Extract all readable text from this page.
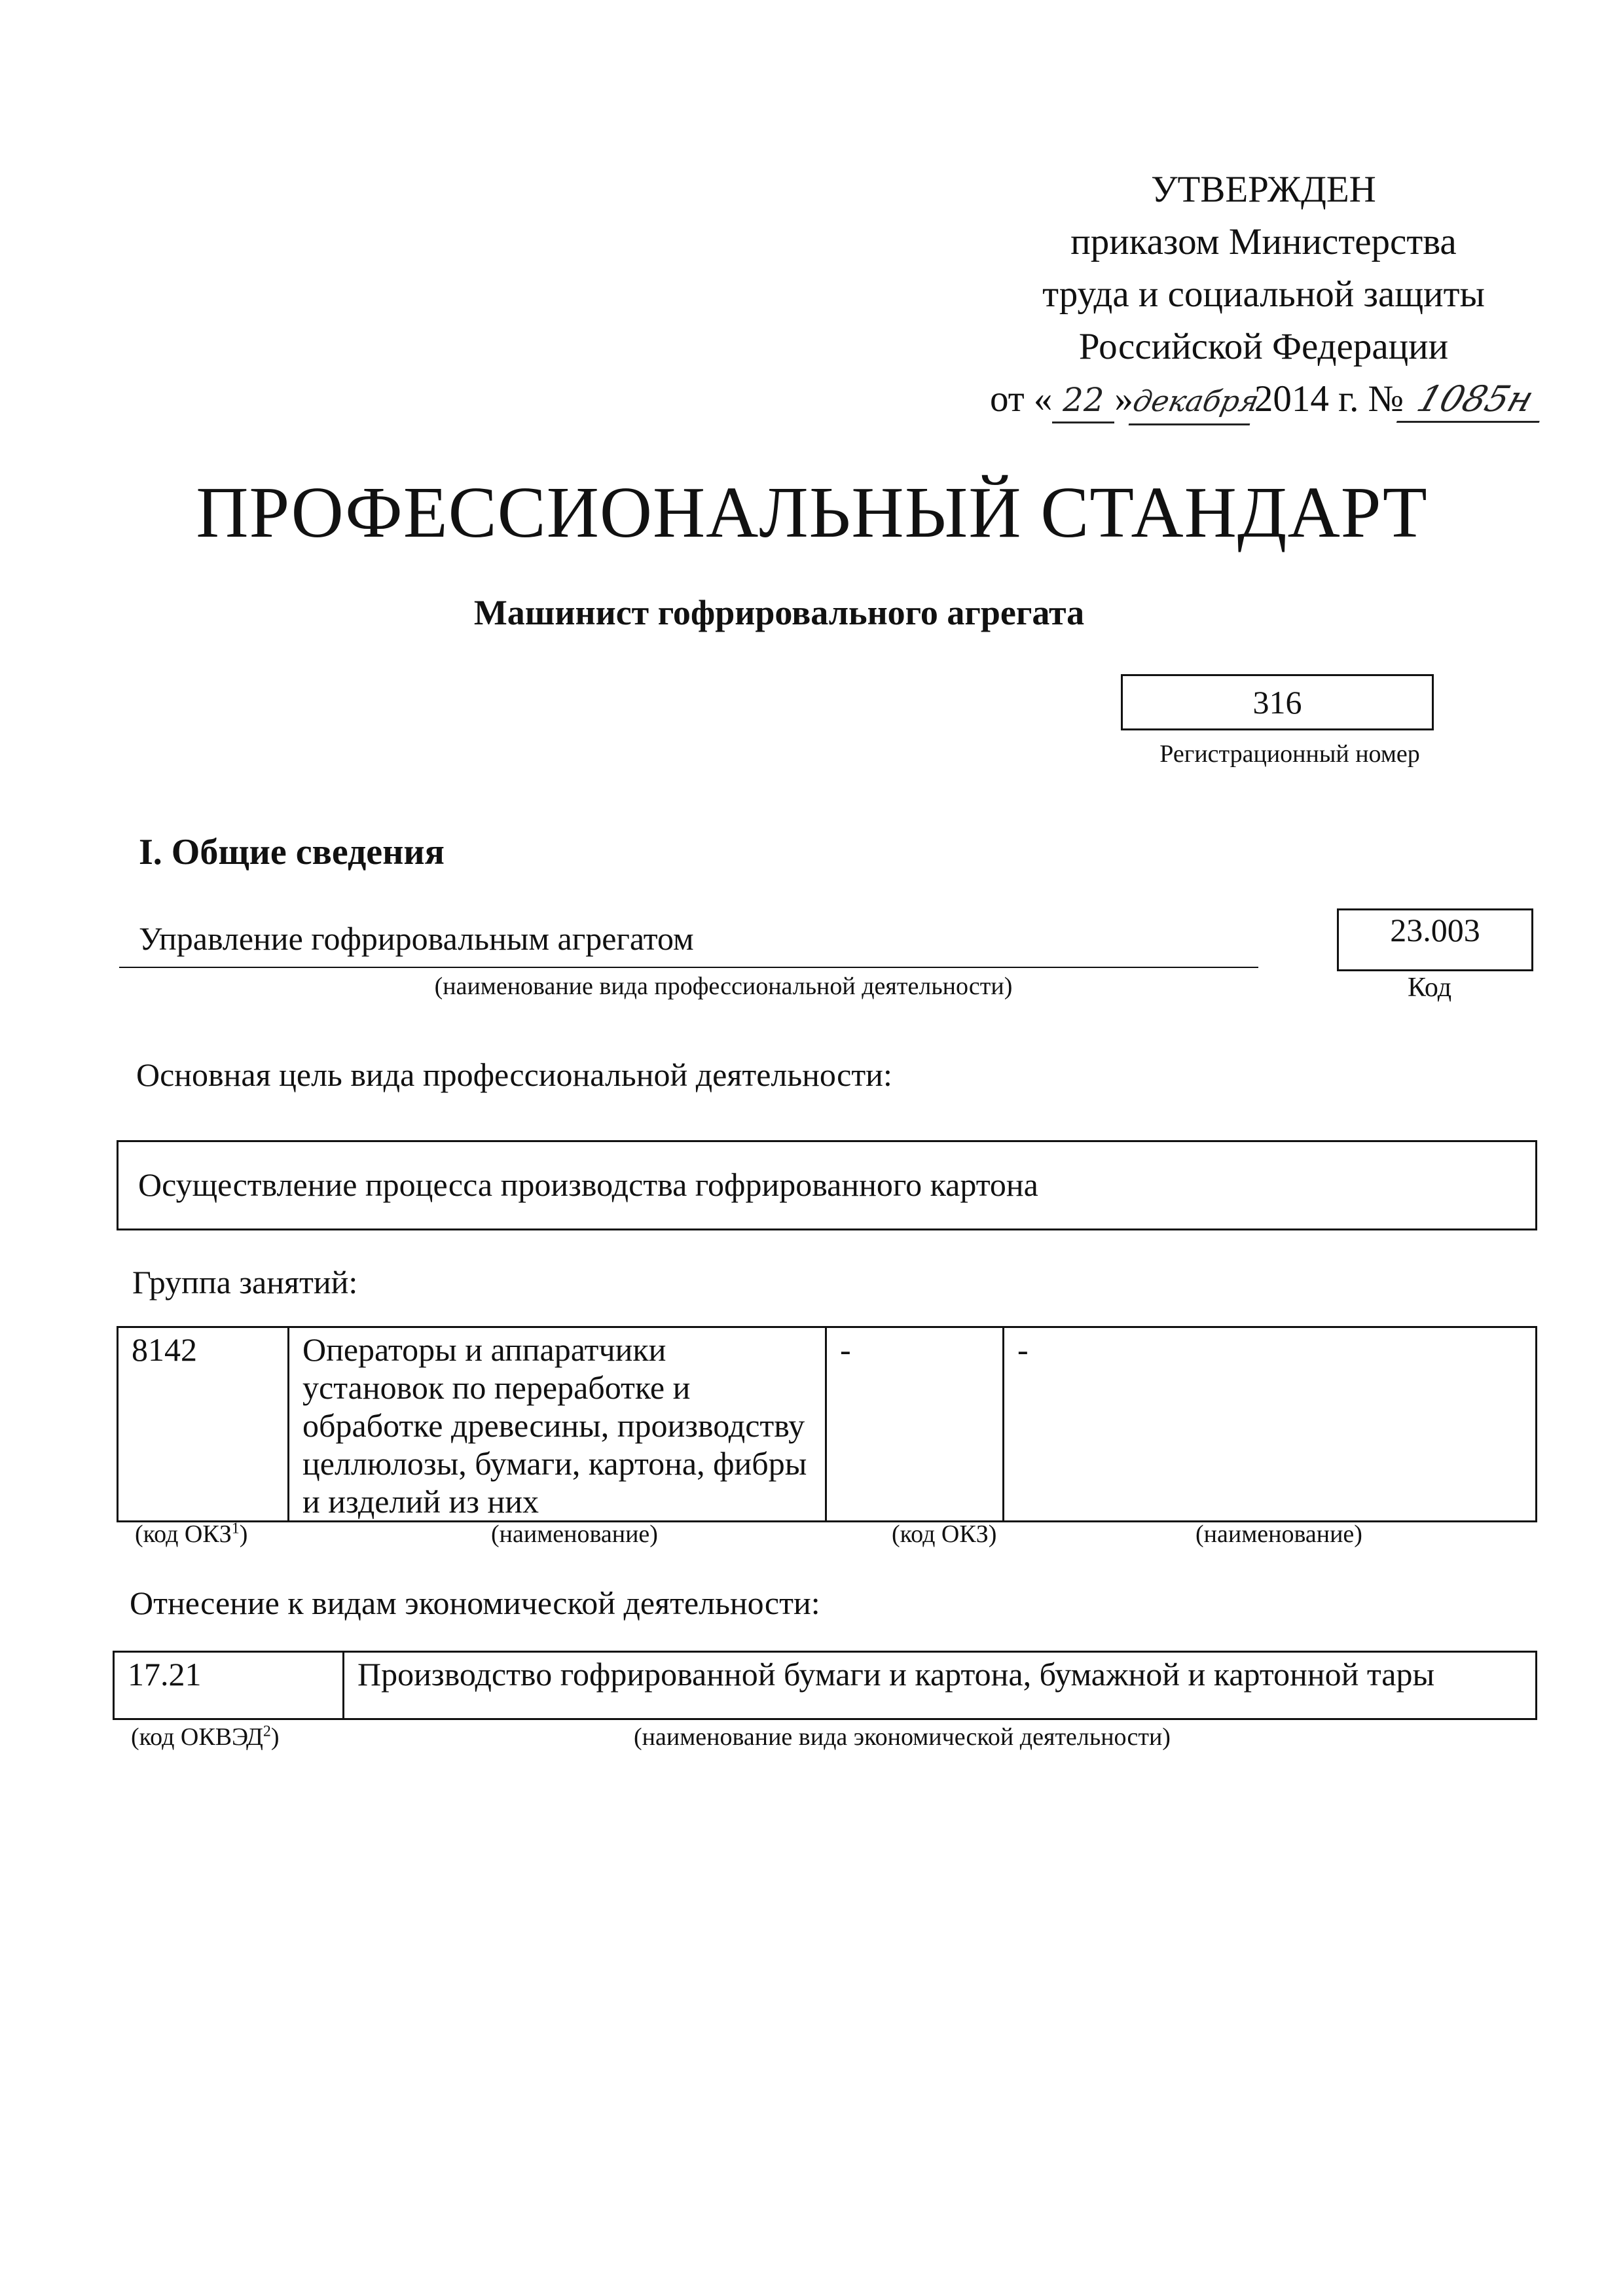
УТВЕРЖДЕН
приказом Министерства
труда и социальной защиты
Российской Федерации
от « 22 »декабря2014 г. № 1085н
ПРОФЕССИОНАЛЬНЫЙ СТАНДАРТ
Машинист гофрировального агрегата
316
Регистрационный номер
I. Общие сведения
Управление гофрировальным агрегатом
(наименование вида профессиональной деятельности)
23.003
Код
Основная цель вида профессиональной деятельности:
Осуществление процесса производства гофрированного картона
Группа занятий:
8142	Операторы и аппаратчики установок по переработке и обработке древесины, производству целлюлозы, бумаги, картона, фибры и изделий из них	-	-
(код ОКЗ$^1$)	(наименование)	(код ОКЗ)	(наименование)
Отнесение к видам экономической деятельности:
17.21	Производство гофрированной бумаги и картона, бумажной и картонной тары
(код ОКВЭД$^2$)	(наименование вида экономической деятельности)
